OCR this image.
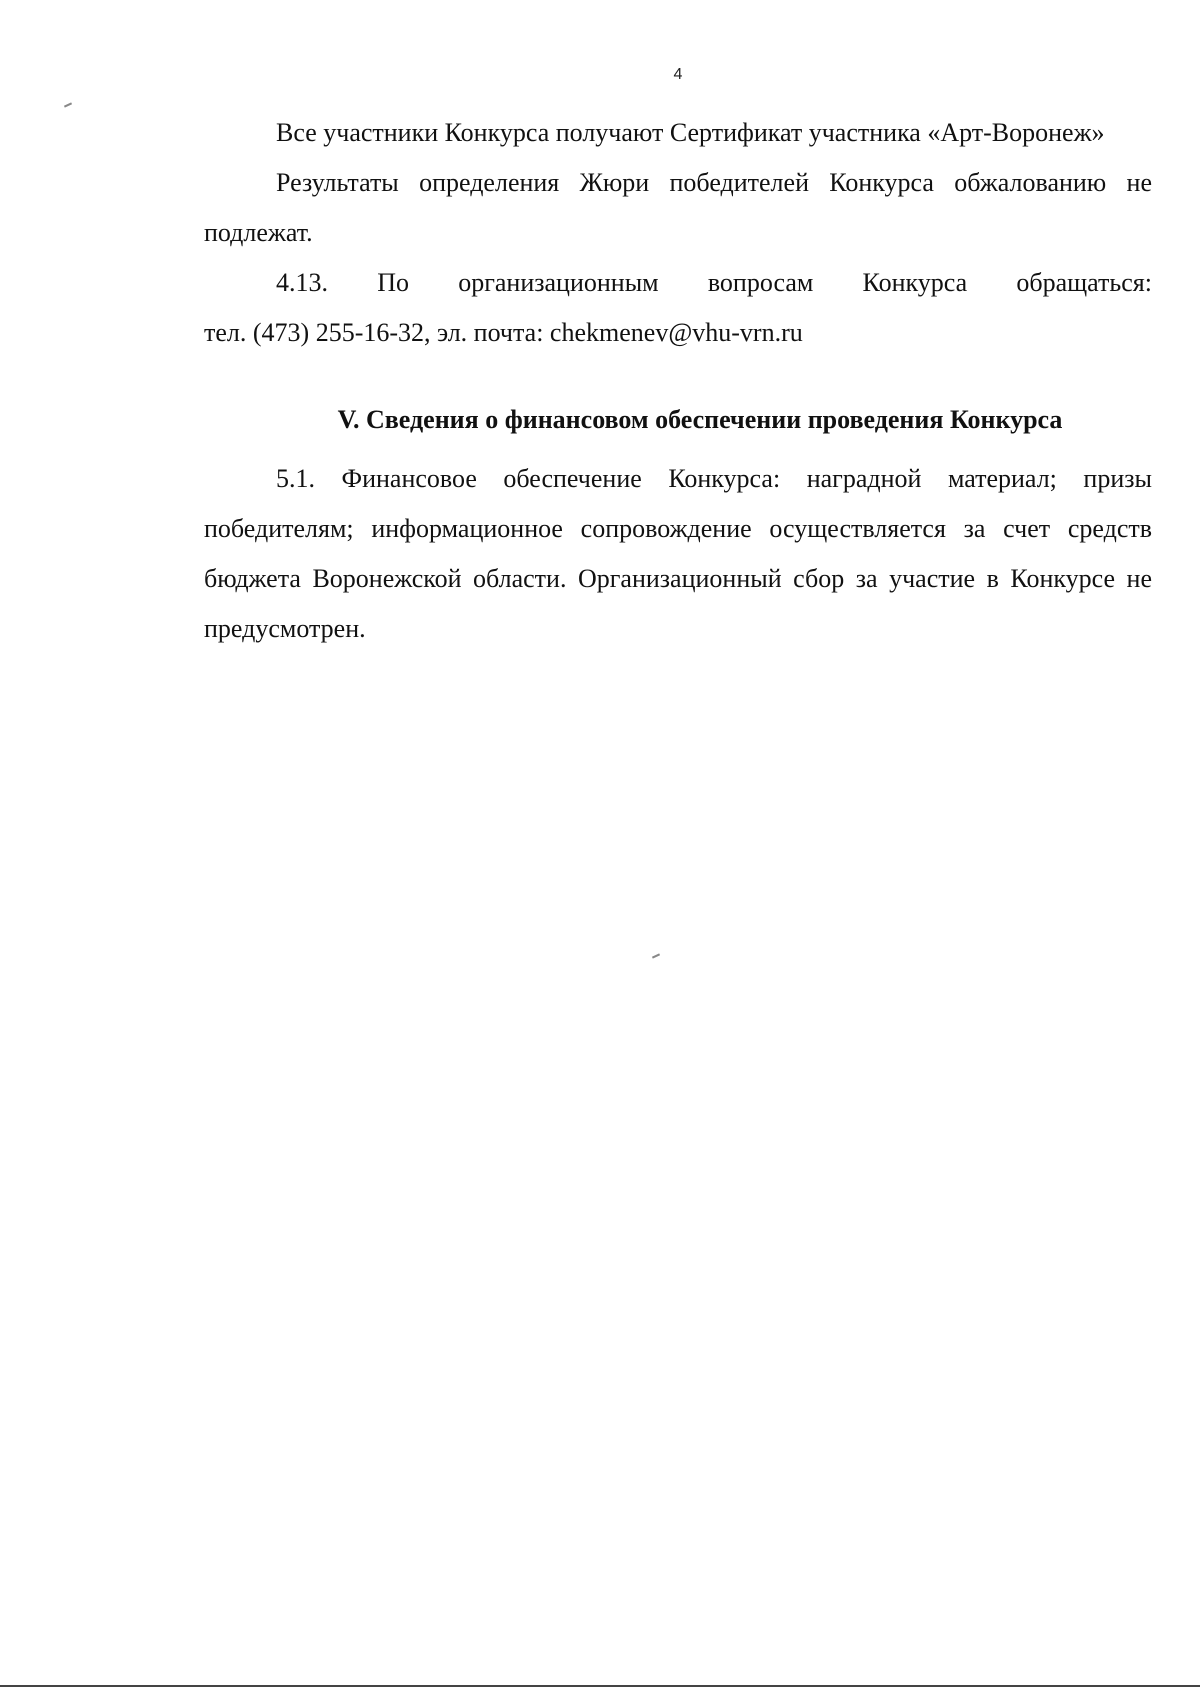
4

Все участники Конкурса получают Сертификат участника «Арт-Воронеж»

Результаты определения Жюри победителей Конкурса обжалованию не подлежат.

4.13. По организационным вопросам Конкурса обращаться:

тел. (473) 255-16-32, эл. почта: chekmenev@vhu-vrn.ru

V. Сведения о финансовом обеспечении проведения Конкурса

5.1. Финансовое обеспечение Конкурса: наградной материал; призы победителям; информационное сопровождение осуществляется за счет средств бюджета Воронежской области. Организационный сбор за участие в Конкурсе не предусмотрен.
